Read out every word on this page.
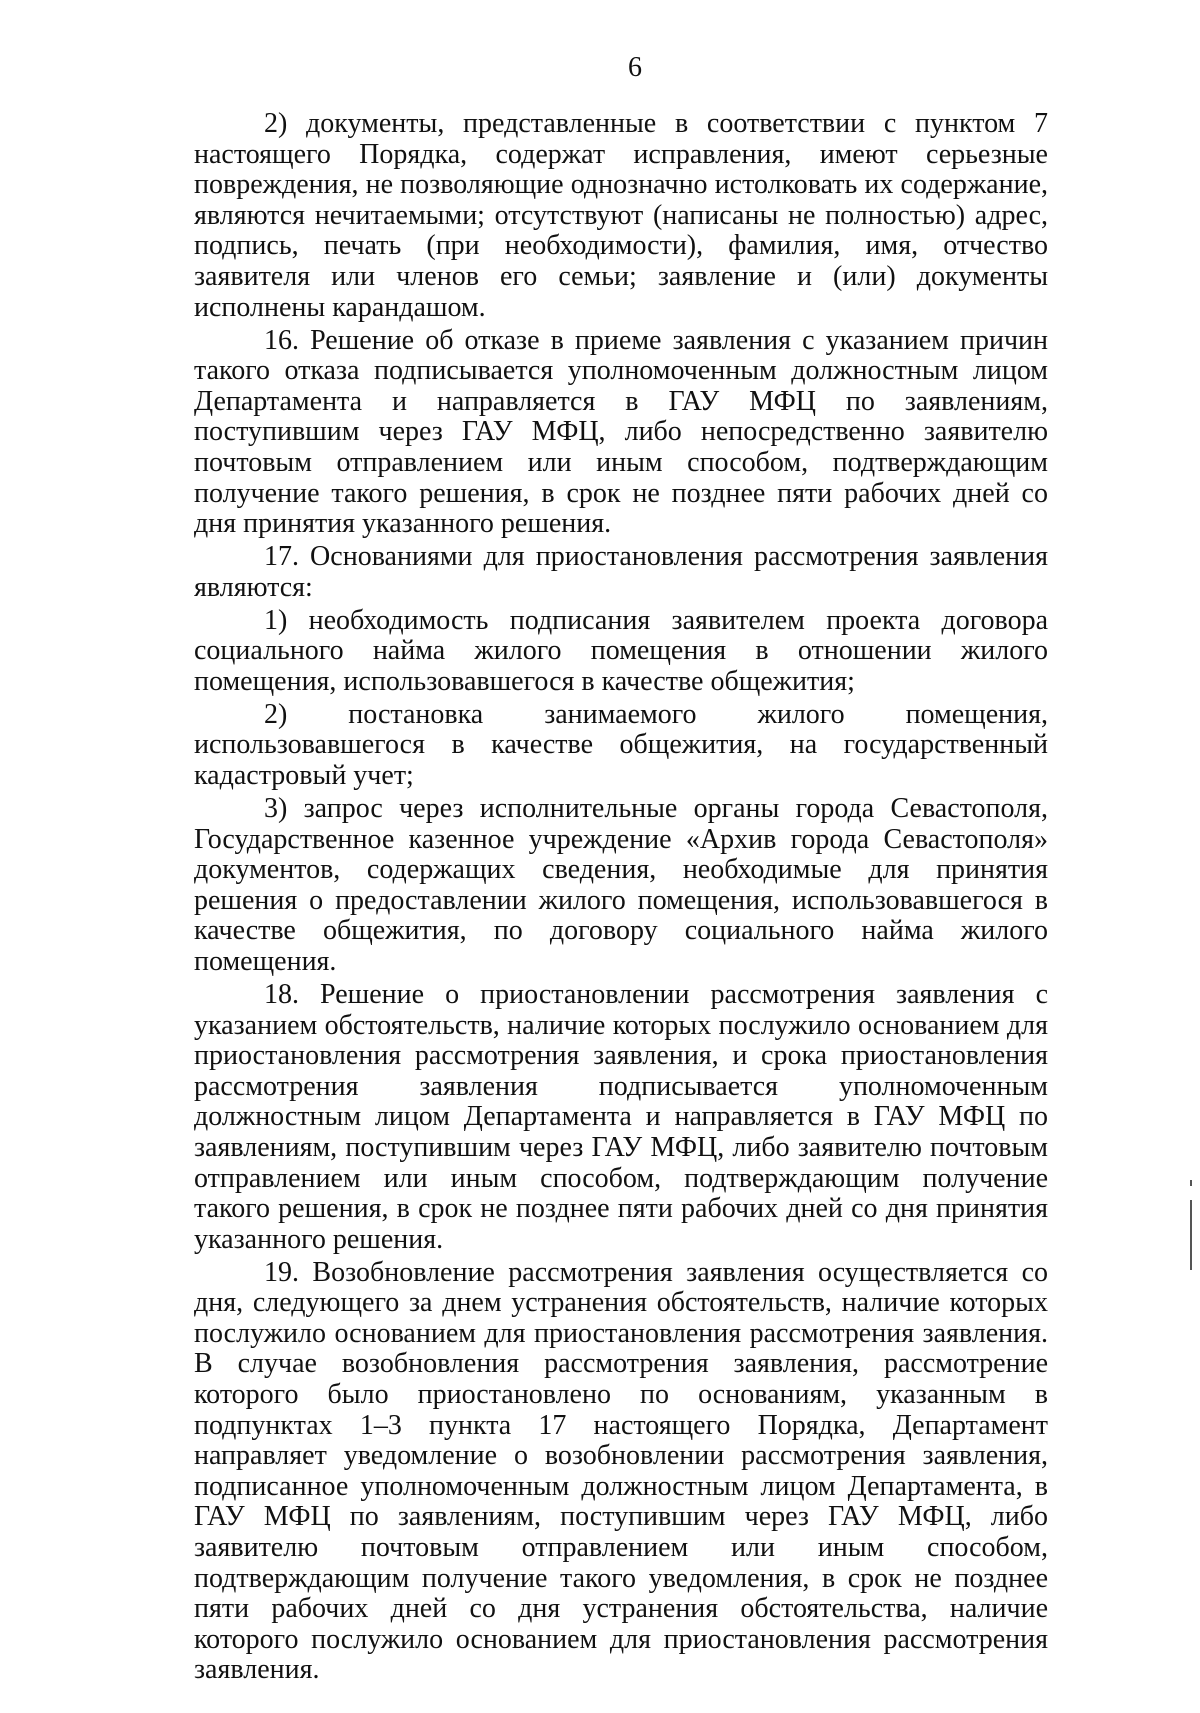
6

2) документы, представленные в соответствии с пунктом 7 настоящего Порядка, содержат исправления, имеют серьезные повреждения, не позволяющие однозначно истолковать их содержание, являются нечитаемыми; отсутствуют (написаны не полностью) адрес, подпись, печать (при необходимости), фамилия, имя, отчество заявителя или членов его семьи; заявление и (или) документы исполнены карандашом.

16. Решение об отказе в приеме заявления с указанием причин такого отказа подписывается уполномоченным должностным лицом Департамента и направляется в ГАУ МФЦ по заявлениям, поступившим через ГАУ МФЦ, либо непосредственно заявителю почтовым отправлением или иным способом, подтверждающим получение такого решения, в срок не позднее пяти рабочих дней со дня принятия указанного решения.

17. Основаниями для приостановления рассмотрения заявления являются:

1) необходимость подписания заявителем проекта договора социального найма жилого помещения в отношении жилого помещения, использовавшегося в качестве общежития;

2) постановка занимаемого жилого помещения, использовавшегося в качестве общежития, на государственный кадастровый учет;

3) запрос через исполнительные органы города Севастополя, Государственное казенное учреждение «Архив города Севастополя» документов, содержащих сведения, необходимые для принятия решения о предоставлении жилого помещения, использовавшегося в качестве общежития, по договору социального найма жилого помещения.

18. Решение о приостановлении рассмотрения заявления с указанием обстоятельств, наличие которых послужило основанием для приостановления рассмотрения заявления, и срока приостановления рассмотрения заявления подписывается уполномоченным должностным лицом Департамента и направляется в ГАУ МФЦ по заявлениям, поступившим через ГАУ МФЦ, либо заявителю почтовым отправлением или иным способом, подтверждающим получение такого решения, в срок не позднее пяти рабочих дней со дня принятия указанного решения.

19. Возобновление рассмотрения заявления осуществляется со дня, следующего за днем устранения обстоятельств, наличие которых послужило основанием для приостановления рассмотрения заявления. В случае возобновления рассмотрения заявления, рассмотрение которого было приостановлено по основаниям, указанным в подпунктах 1–3 пункта 17 настоящего Порядка, Департамент направляет уведомление о возобновлении рассмотрения заявления, подписанное уполномоченным должностным лицом Департамента, в ГАУ МФЦ по заявлениям, поступившим через ГАУ МФЦ, либо заявителю почтовым отправлением или иным способом, подтверждающим получение такого уведомления, в срок не позднее пяти рабочих дней со дня устранения обстоятельства, наличие которого послужило основанием для приостановления рассмотрения заявления.
